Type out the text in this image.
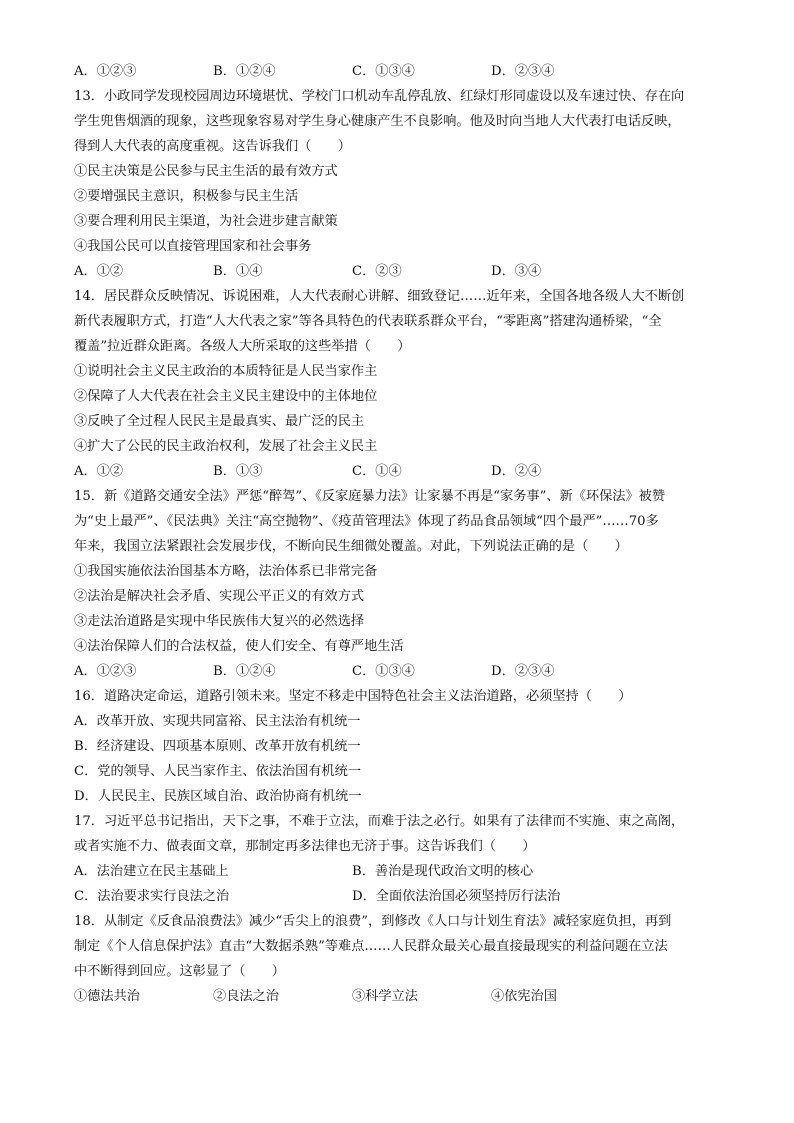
A．①②③	B．①②④	C．①③④	D．②③④
13．小政同学发现校园周边环境堪忧、学校门口机动车乱停乱放、红绿灯形同虚设以及车速过快、存在向
学生兜售烟酒的现象，这些现象容易对学生身心健康产生不良影响。他及时向当地人大代表打电话反映，
得到人大代表的高度重视。这告诉我们（　　）
①民主决策是公民参与民主生活的最有效方式
②要增强民主意识，积极参与民主生活
③要合理利用民主渠道，为社会进步建言献策
④我国公民可以直接管理国家和社会事务
A．①②	B．①④	C．②③	D．③④
14．居民群众反映情况、诉说困难，人大代表耐心讲解、细致登记……近年来，全国各地各级人大不断创
新代表履职方式，打造“人大代表之家”等各具特色的代表联系群众平台，“零距离”搭建沟通桥梁，“全
覆盖”拉近群众距离。各级人大所采取的这些举措（　　）
①说明社会主义民主政治的本质特征是人民当家作主
②保障了人大代表在社会主义民主建设中的主体地位
③反映了全过程人民民主是最真实、最广泛的民主
④扩大了公民的民主政治权利，发展了社会主义民主
A．①②	B．①③	C．①④	D．②④
15．新《道路交通安全法》严惩“醉驾”、《反家庭暴力法》让家暴不再是“家务事”、新《环保法》被赞
为“史上最严”、《民法典》关注“高空抛物”、《疫苗管理法》体现了药品食品领域“四个最严”……70多
年来，我国立法紧跟社会发展步伐，不断向民生细微处覆盖。对此，下列说法正确的是（　　）
①我国实施依法治国基本方略，法治体系已非常完备
②法治是解决社会矛盾、实现公平正义的有效方式
③走法治道路是实现中华民族伟大复兴的必然选择
④法治保障人们的合法权益，使人们安全、有尊严地生活
A．①②③	B．①②④	C．①③④	D．②③④
16．道路决定命运，道路引领未来。坚定不移走中国特色社会主义法治道路，必须坚持（　　）
A．改革开放、实现共同富裕、民主法治有机统一
B．经济建设、四项基本原则、改革开放有机统一
C．党的领导、人民当家作主、依法治国有机统一
D．人民民主、民族区域自治、政治协商有机统一
17．习近平总书记指出，天下之事，不难于立法，而难于法之必行。如果有了法律而不实施、束之高阁，
或者实施不力、做表面文章，那制定再多法律也无济于事。这告诉我们（　　）
A．法治建立在民主基础上	B．善治是现代政治文明的核心
C．法治要求实行良法之治	D．全面依法治国必须坚持厉行法治
18．从制定《反食品浪费法》减少“舌尖上的浪费”，到修改《人口与计划生育法》减轻家庭负担，再到
制定《个人信息保护法》直击“大数据杀熟”等难点……人民群众最关心最直接最现实的利益问题在立法
中不断得到回应。这彰显了（　　）
①德法共治	②良法之治	③科学立法	④依宪治国
